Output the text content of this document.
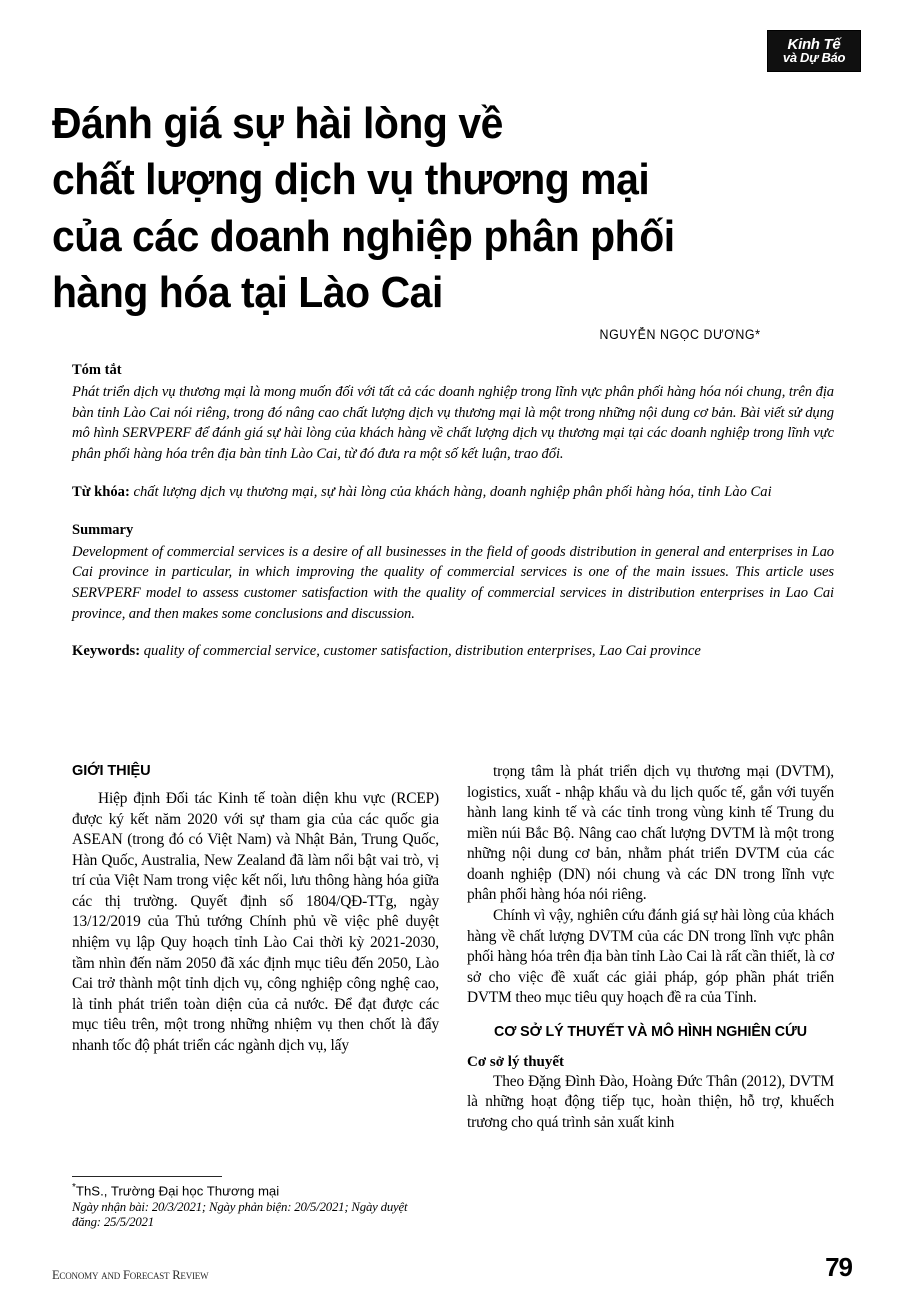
Kinh Tế
và Dự Báo
Đánh giá sự hài lòng về
chất lượng dịch vụ thương mại
của các doanh nghiệp phân phối
hàng hóa tại Lào Cai
NGUYỄN NGỌC DƯƠNG*

Tóm tắt

Phát triển dịch vụ thương mại là mong muốn đối với tất cả các doanh nghiệp trong lĩnh vực phân phối hàng hóa nói chung, trên địa bàn tỉnh Lào Cai nói riêng, trong đó nâng cao chất lượng dịch vụ thương mại là một trong những nội dung cơ bản. Bài viết sử dụng mô hình SERVPERF để đánh giá sự hài lòng của khách hàng về chất lượng dịch vụ thương mại tại các doanh nghiệp trong lĩnh vực phân phối hàng hóa trên địa bàn tỉnh Lào Cai, từ đó đưa ra một số kết luận, trao đổi.

Từ khóa: chất lượng dịch vụ thương mại, sự hài lòng của khách hàng, doanh nghiệp phân phối hàng hóa, tỉnh Lào Cai

Summary

Development of commercial services is a desire of all businesses in the field of goods distribution in general and enterprises in Lao Cai province in particular, in which improving the quality of commercial services is one of the main issues. This article uses SERVPERF model to assess customer satisfaction with the quality of commercial services in distribution enterprises in Lao Cai province, and then makes some conclusions and discussion.

Keywords: quality of commercial service, customer satisfaction, distribution enterprises, Lao Cai province

GIỚI THIỆU

Hiệp định Đối tác Kinh tế toàn diện khu vực (RCEP) được ký kết năm 2020 với sự tham gia của các quốc gia ASEAN (trong đó có Việt Nam) và Nhật Bản, Trung Quốc, Hàn Quốc, Australia, New Zealand đã làm nổi bật vai trò, vị trí của Việt Nam trong việc kết nối, lưu thông hàng hóa giữa các thị trường. Quyết định số 1804/QĐ-TTg, ngày 13/12/2019 của Thủ tướng Chính phủ về việc phê duyệt nhiệm vụ lập Quy hoạch tỉnh Lào Cai thời kỳ 2021-2030, tầm nhìn đến năm 2050 đã xác định mục tiêu đến 2050, Lào Cai trở thành một tỉnh dịch vụ, công nghiệp công nghệ cao, là tỉnh phát triển toàn diện của cả nước. Để đạt được các mục tiêu trên, một trong những nhiệm vụ then chốt là đẩy nhanh tốc độ phát triển các ngành dịch vụ, lấy

trọng tâm là phát triển dịch vụ thương mại (DVTM), logistics, xuất - nhập khẩu và du lịch quốc tế, gắn với tuyến hành lang kinh tế và các tỉnh trong vùng kinh tế Trung du miền núi Bắc Bộ. Nâng cao chất lượng DVTM là một trong những nội dung cơ bản, nhằm phát triển DVTM của các doanh nghiệp (DN) nói chung và các DN trong lĩnh vực phân phối hàng hóa nói riêng.

Chính vì vậy, nghiên cứu đánh giá sự hài lòng của khách hàng về chất lượng DVTM của các DN trong lĩnh vực phân phối hàng hóa trên địa bàn tỉnh Lào Cai là rất cần thiết, là cơ sở cho việc đề xuất các giải pháp, góp phần phát triển DVTM theo mục tiêu quy hoạch đề ra của Tỉnh.

CƠ SỞ LÝ THUYẾT VÀ MÔ HÌNH NGHIÊN CỨU
Cơ sở lý thuyết

Theo Đặng Đình Đào, Hoàng Đức Thân (2012), DVTM là những hoạt động tiếp tục, hoàn thiện, hỗ trợ, khuếch trương cho quá trình sản xuất kinh

*ThS., Trường Đại học Thương mại

Ngày nhận bài: 20/3/2021; Ngày phản biện: 20/5/2021; Ngày duyệt đăng: 25/5/2021

Economy and Forecast Review	79
